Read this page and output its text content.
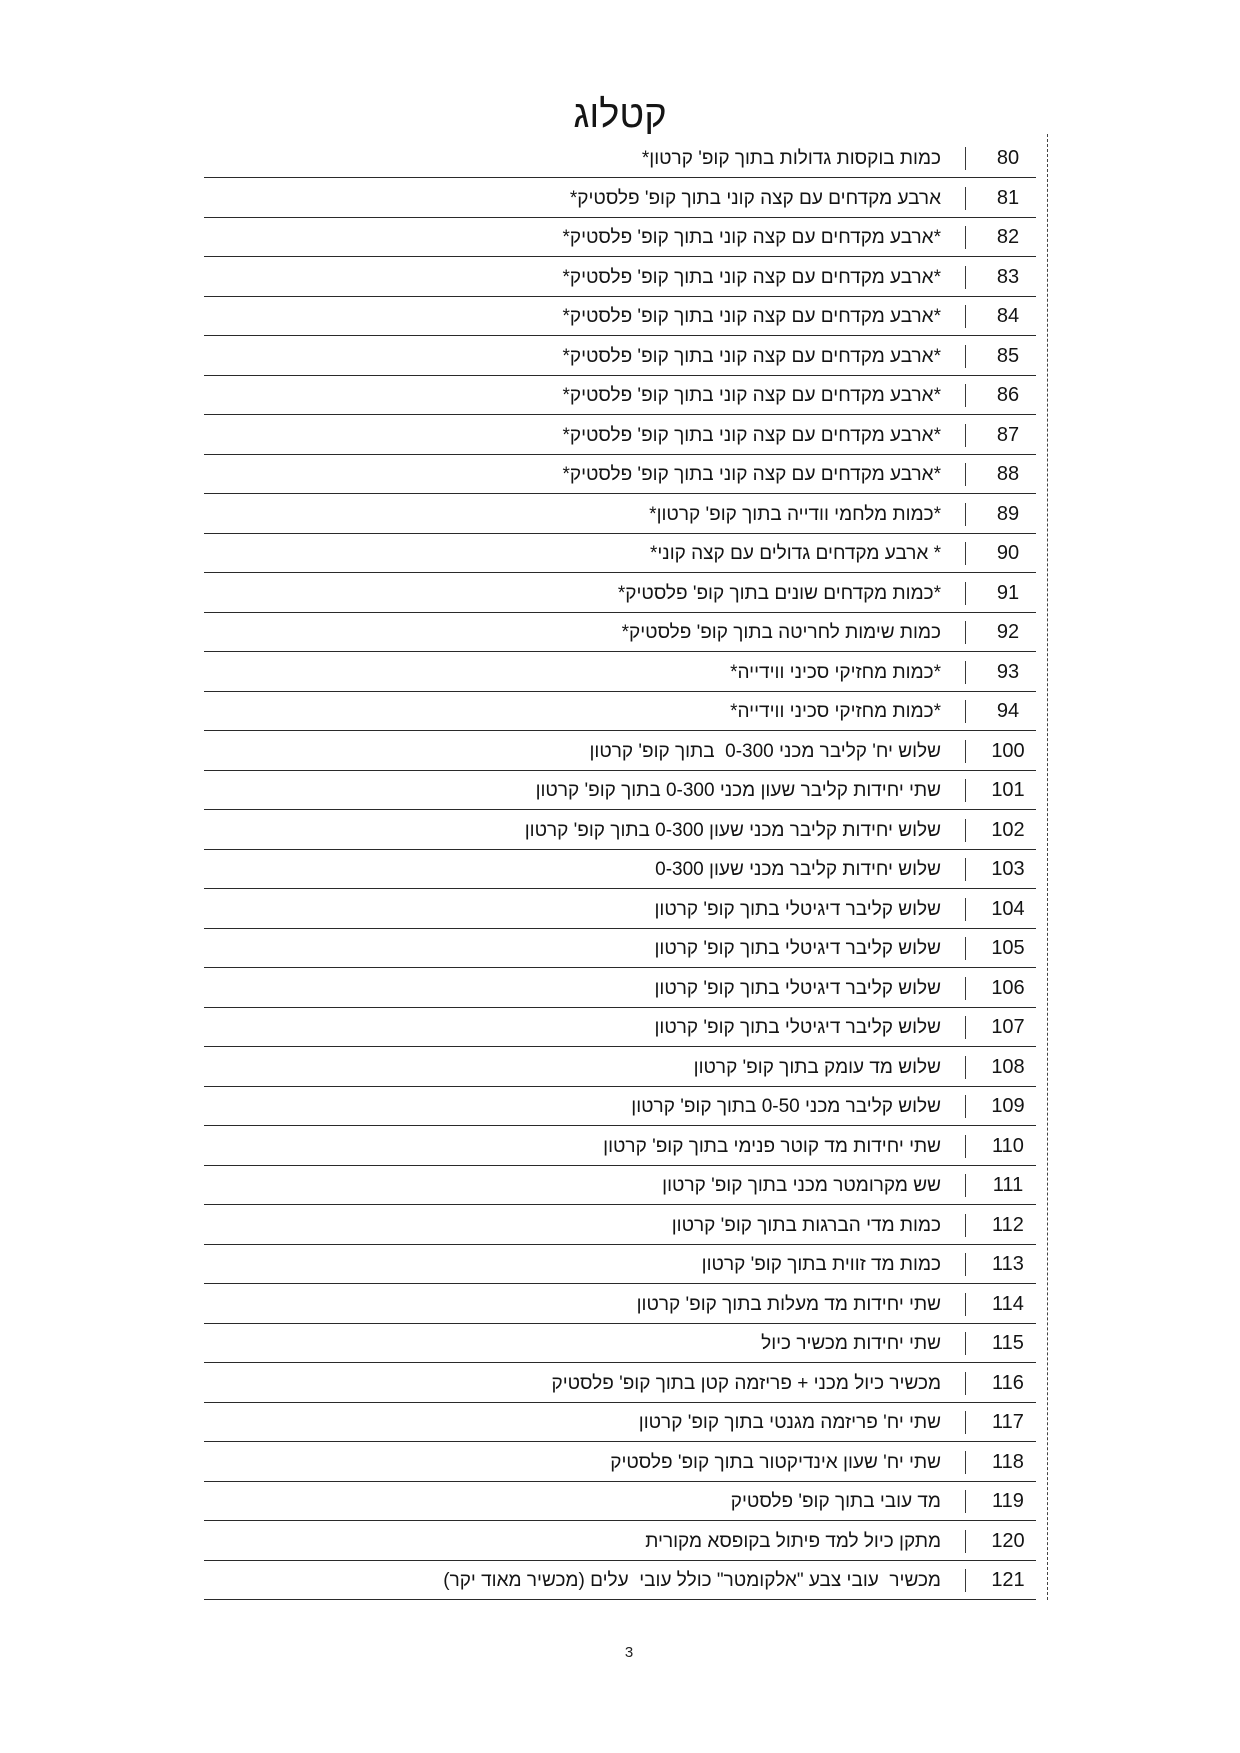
קטלוג
כמות בוקסות גדולות בתוך קופ' קרטון*	80
ארבע מקדחים עם קצה קוני בתוך קופ' פלסטיק*	81
*ארבע מקדחים עם קצה קוני בתוך קופ' פלסטיק*	82
*ארבע מקדחים עם קצה קוני בתוך קופ' פלסטיק*	83
*ארבע מקדחים עם קצה קוני בתוך קופ' פלסטיק*	84
*ארבע מקדחים עם קצה קוני בתוך קופ' פלסטיק*	85
*ארבע מקדחים עם קצה קוני בתוך קופ' פלסטיק*	86
*ארבע מקדחים עם קצה קוני בתוך קופ' פלסטיק*	87
*ארבע מקדחים עם קצה קוני בתוך קופ' פלסטיק*	88
*כמות מלחמי וודייה בתוך קופ' קרטון*	89
* ארבע מקדחים גדולים עם קצה קוני*	90
*כמות מקדחים שונים בתוך קופ' פלסטיק*	91
כמות שימות לחריטה בתוך קופ' פלסטיק*	92
*כמות מחזיקי סכיני ווידייה*	93
*כמות מחזיקי סכיני ווידייה*	94
שלוש יח' קליבר מכני 0-300  בתוך קופ' קרטון	100
שתי יחידות קליבר שעון מכני 0-300 בתוך קופ' קרטון	101
שלוש יחידות קליבר מכני שעון 0-300 בתוך קופ' קרטון	102
שלוש יחידות קליבר מכני שעון 0-300	103
שלוש קליבר דיגיטלי בתוך קופ' קרטון	104
שלוש קליבר דיגיטלי בתוך קופ' קרטון	105
שלוש קליבר דיגיטלי בתוך קופ' קרטון	106
שלוש קליבר דיגיטלי בתוך קופ' קרטון	107
שלוש מד עומק בתוך קופ' קרטון	108
שלוש קליבר מכני 0-50 בתוך קופ' קרטון	109
שתי יחידות מד קוטר פנימי בתוך קופ' קרטון	110
שש מקרומטר מכני בתוך קופ' קרטון	111
כמות מדי הברגות בתוך קופ' קרטון	112
כמות מד זווית בתוך קופ' קרטון	113
שתי יחידות מד מעלות בתוך קופ' קרטון	114
שתי יחידות מכשיר כיול	115
מכשיר כיול מכני + פריזמה קטן בתוך קופ' פלסטיק	116
שתי יח' פריזמה מגנטי בתוך קופ' קרטון	117
שתי יח' שעון אינדיקטור בתוך קופ' פלסטיק	118
מד עובי בתוך קופ' פלסטיק	119
מתקן כיול למד פיתול בקופסא מקורית	120
מכשיר  עובי צבע "אלקומטר" כולל עובי  עלים (מכשיר מאוד יקר)	121
3
